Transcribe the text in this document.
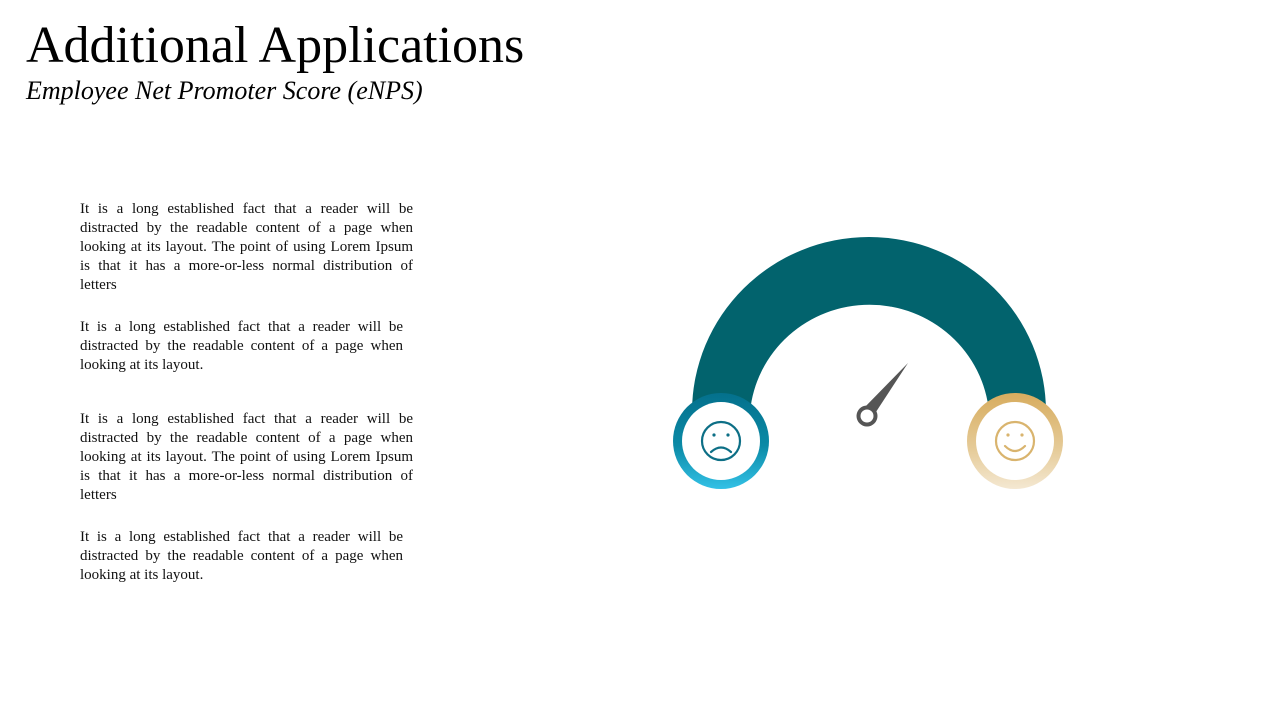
Additional Applications
Employee Net Promoter Score (eNPS)

It is a long established fact that a reader will be distracted by the readable content of a page when looking at its layout. The point of using Lorem Ipsum is that it has a more-or-less normal distribution of letters

It is a long established fact that a reader will be distracted by the readable content of a page when looking at its layout.

It is a long established fact that a reader will be distracted by the readable content of a page when looking at its layout. The point of using Lorem Ipsum is that it has a more-or-less normal distribution of letters

It is a long established fact that a reader will be distracted by the readable content of a page when looking at its layout.
